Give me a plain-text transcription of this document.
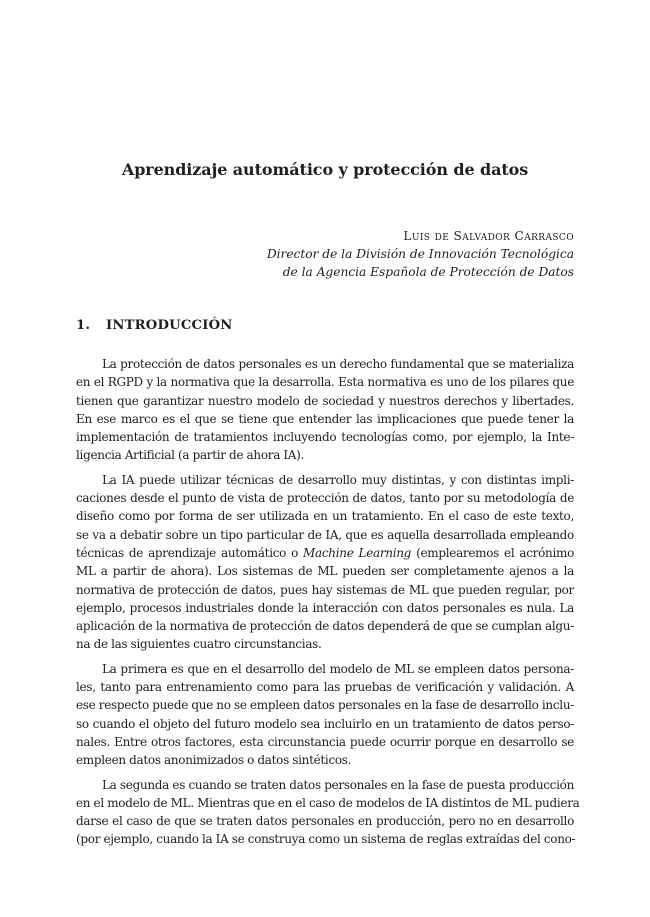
Aprendizaje automático y protección de datos
Luis de Salvador Carrasco
Director de la División de Innovación Tecnológica
de la Agencia Española de Protección de Datos
1. INTRODUCCIÓN
La protección de datos personales es un derecho fundamental que se materializa
en el RGPD y la normativa que la desarrolla. Esta normativa es uno de los pilares que
tienen que garantizar nuestro modelo de sociedad y nuestros derechos y libertades.
En ese marco es el que se tiene que entender las implicaciones que puede tener la
implementación de tratamientos incluyendo tecnologías como, por ejemplo, la Inte-
ligencia Artificial (a partir de ahora IA).
La IA puede utilizar técnicas de desarrollo muy distintas, y con distintas impli-
caciones desde el punto de vista de protección de datos, tanto por su metodología de
diseño como por forma de ser utilizada en un tratamiento. En el caso de este texto,
se va a debatir sobre un tipo particular de IA, que es aquella desarrollada empleando
técnicas de aprendizaje automático o Machine Learning (emplearemos el acrónimo
ML a partir de ahora). Los sistemas de ML pueden ser completamente ajenos a la
normativa de protección de datos, pues hay sistemas de ML que pueden regular, por
ejemplo, procesos industriales donde la interacción con datos personales es nula. La
aplicación de la normativa de protección de datos dependerá de que se cumplan algu-
na de las siguientes cuatro circunstancias.
La primera es que en el desarrollo del modelo de ML se empleen datos persona-
les, tanto para entrenamiento como para las pruebas de verificación y validación. A
ese respecto puede que no se empleen datos personales en la fase de desarrollo inclu-
so cuando el objeto del futuro modelo sea incluirlo en un tratamiento de datos perso-
nales. Entre otros factores, esta circunstancia puede ocurrir porque en desarrollo se
empleen datos anonimizados o datos sintéticos.
La segunda es cuando se traten datos personales en la fase de puesta producción
en el modelo de ML. Mientras que en el caso de modelos de IA distintos de ML pudiera
darse el caso de que se traten datos personales en producción, pero no en desarrollo
(por ejemplo, cuando la IA se construya como un sistema de reglas extraídas del cono-
